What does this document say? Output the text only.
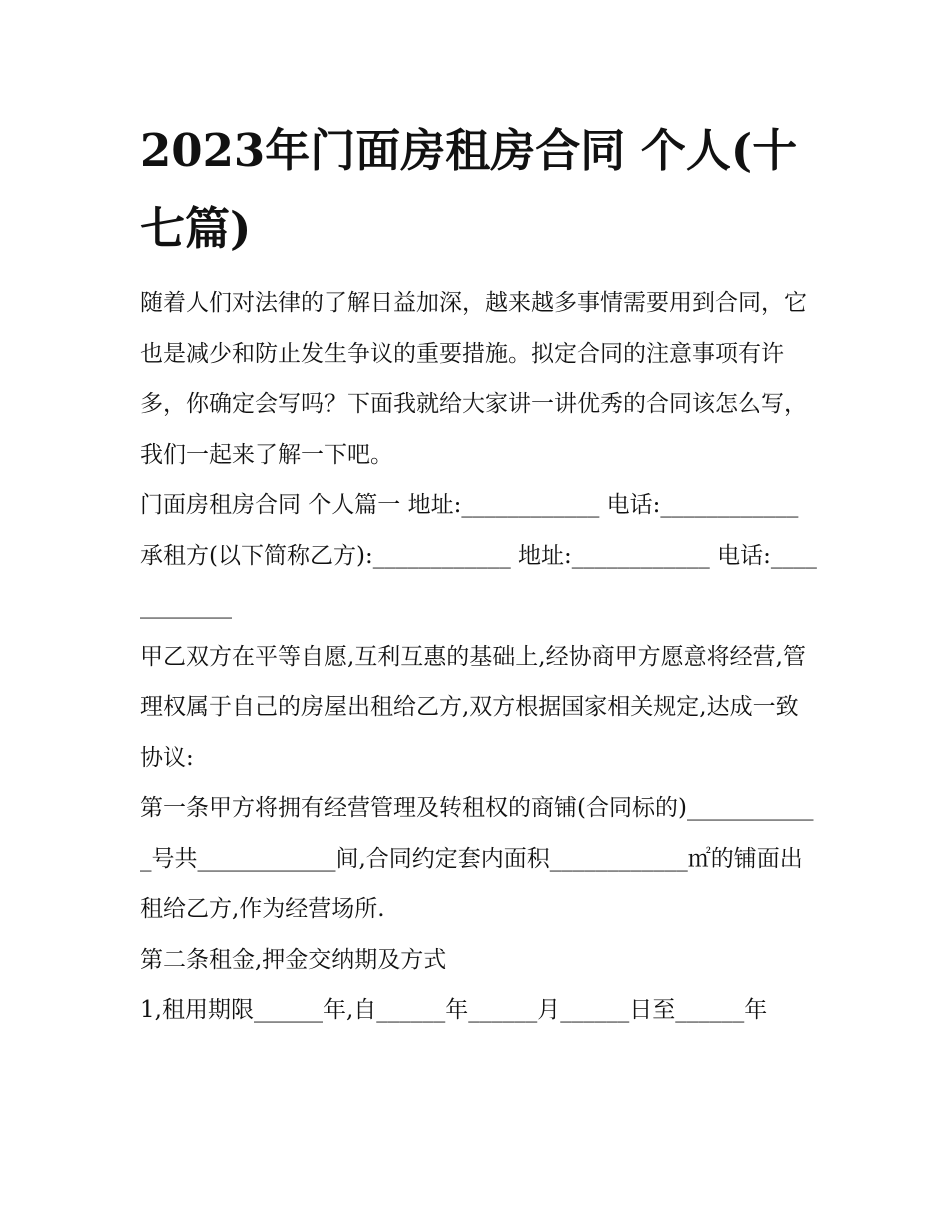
2023年门面房租房合同 个人(十七篇)

随着人们对法律的了解日益加深，越来越多事情需要用到合同，它也是减少和防止发生争议的重要措施。拟定合同的注意事项有许多，你确定会写吗？下面我就给大家讲一讲优秀的合同该怎么写，我们一起来了解一下吧。

门面房租房合同 个人篇一 地址:____________ 电话:____________

承租方(以下简称乙方):____________ 地址:____________ 电话:____________

甲乙双方在平等自愿,互利互惠的基础上,经协商甲方愿意将经营,管理权属于自己的房屋出租给乙方,双方根据国家相关规定,达成一致协议:

第一条甲方将拥有经营管理及转租权的商铺(合同标的)____________号共____________间,合同约定套内面积____________㎡的铺面出租给乙方,作为经营场所.

第二条租金,押金交纳期及方式

1,租用期限______年,自______年______月______日至______年
